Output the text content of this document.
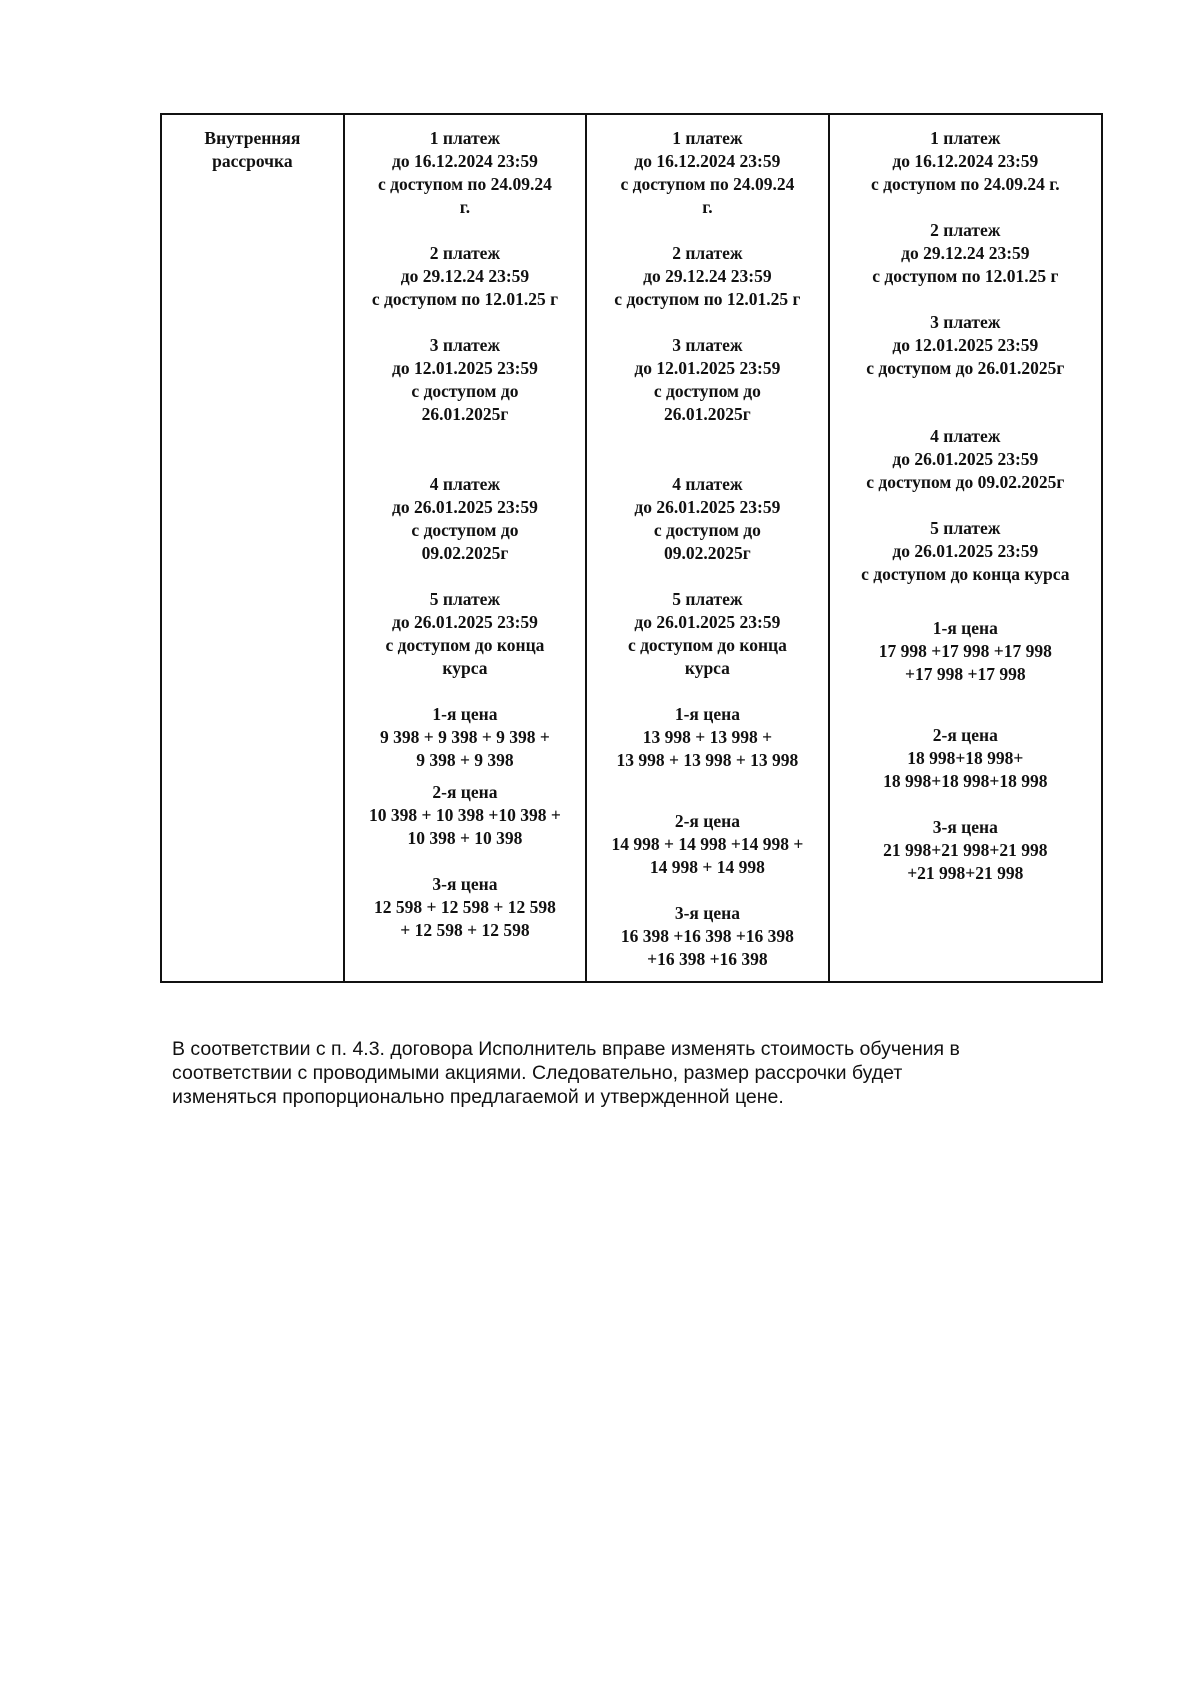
Внутренняя
рассрочка

1 платеж
до 16.12.2024 23:59
с доступом по 24.09.24
г.
2 платеж
до 29.12.24 23:59
с доступом по 12.01.25 г
3 платеж
до 12.01.2025 23:59
с доступом до
26.01.2025г
4 платеж
до 26.01.2025 23:59
с доступом до
09.02.2025г
5 платеж
до 26.01.2025 23:59
с доступом до конца
курса
1-я цена
9 398 + 9 398 + 9 398 +
9 398 + 9 398
2-я цена
10 398 + 10 398 +10 398 +
10 398 + 10 398
3-я цена
12 598 + 12 598 + 12 598
+ 12 598 + 12 598

1 платеж
до 16.12.2024 23:59
с доступом по 24.09.24
г.
2 платеж
до 29.12.24 23:59
с доступом по 12.01.25 г
3 платеж
до 12.01.2025 23:59
с доступом до
26.01.2025г
4 платеж
до 26.01.2025 23:59
с доступом до
09.02.2025г
5 платеж
до 26.01.2025 23:59
с доступом до конца
курса
1-я цена
13 998 + 13 998 +
13 998 + 13 998 + 13 998
2-я цена
14 998 + 14 998 +14 998 +
14 998 + 14 998
3-я цена
16 398 +16 398 +16 398
+16 398 +16 398

1 платеж
до 16.12.2024 23:59
с доступом по 24.09.24 г.
2 платеж
до 29.12.24 23:59
с доступом по 12.01.25 г
3 платеж
до 12.01.2025 23:59
с доступом до 26.01.2025г
4 платеж
до 26.01.2025 23:59
с доступом до 09.02.2025г
5 платеж
до 26.01.2025 23:59
с доступом до конца курса
1-я цена
17 998 +17 998 +17 998
+17 998 +17 998
2-я цена
18 998+18 998+
18 998+18 998+18 998
3-я цена
21 998+21 998+21 998
+21 998+21 998
В соответствии с п. 4.3. договора Исполнитель вправе изменять стоимость обучения в
соответствии с проводимыми акциями. Следовательно, размер рассрочки будет
изменяться пропорционально предлагаемой и утвержденной цене.
